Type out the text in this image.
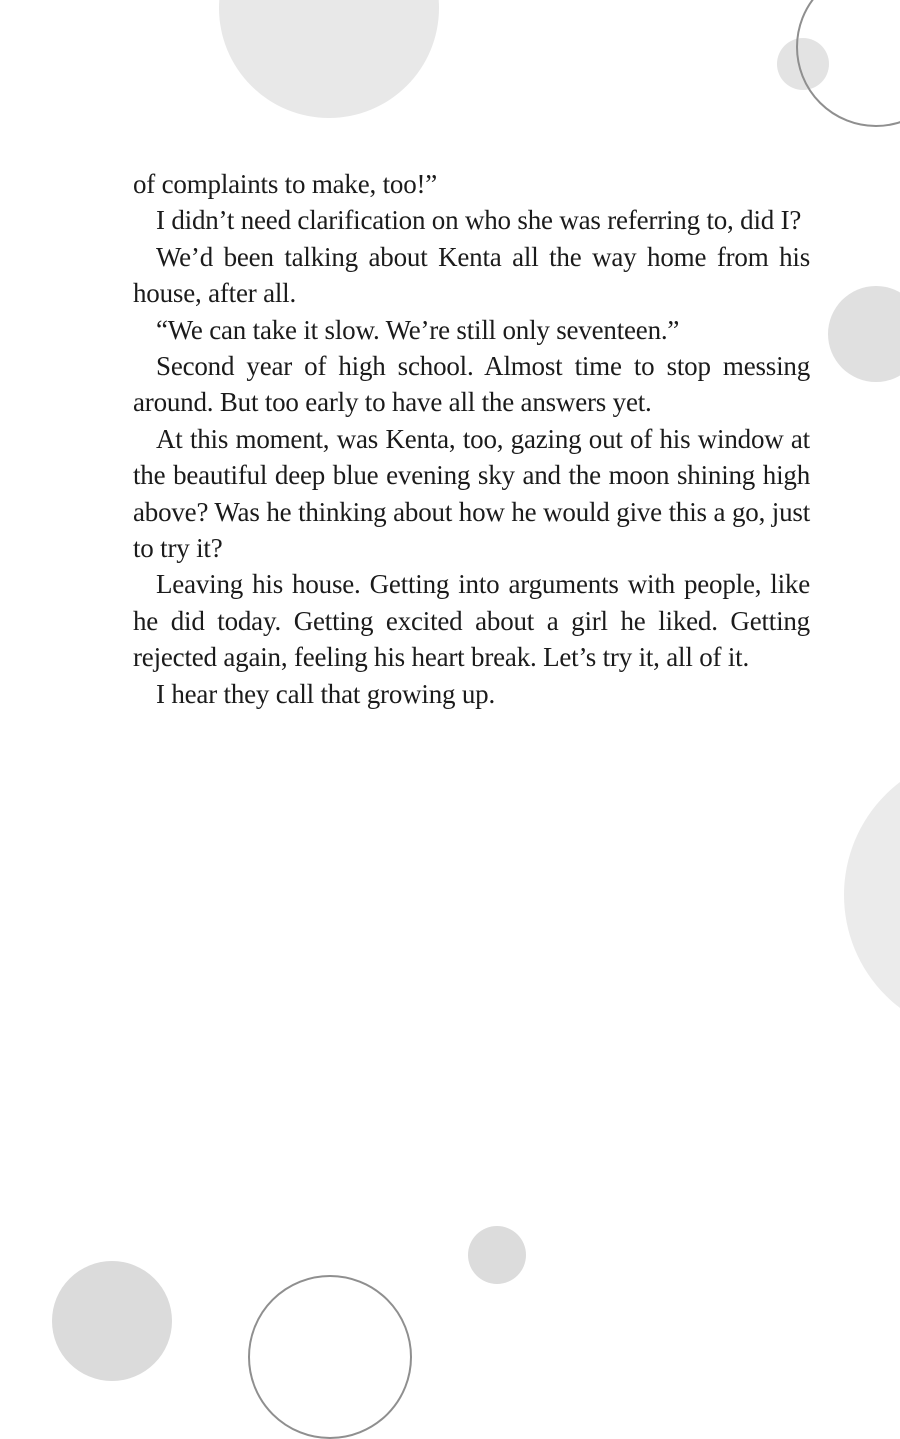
of complaints to make, too!”

I didn’t need clarification on who she was referring to, did I?

We’d been talking about Kenta all the way home from his house, after all.

“We can take it slow. We’re still only seventeen.”

Second year of high school. Almost time to stop messing around. But too early to have all the answers yet.

At this moment, was Kenta, too, gazing out of his window at the beautiful deep blue evening sky and the moon shining high above? Was he thinking about how he would give this a go, just to try it?

Leaving his house. Getting into arguments with people, like he did today. Getting excited about a girl he liked. Getting rejected again, feeling his heart break. Let’s try it, all of it.

I hear they call that growing up.
